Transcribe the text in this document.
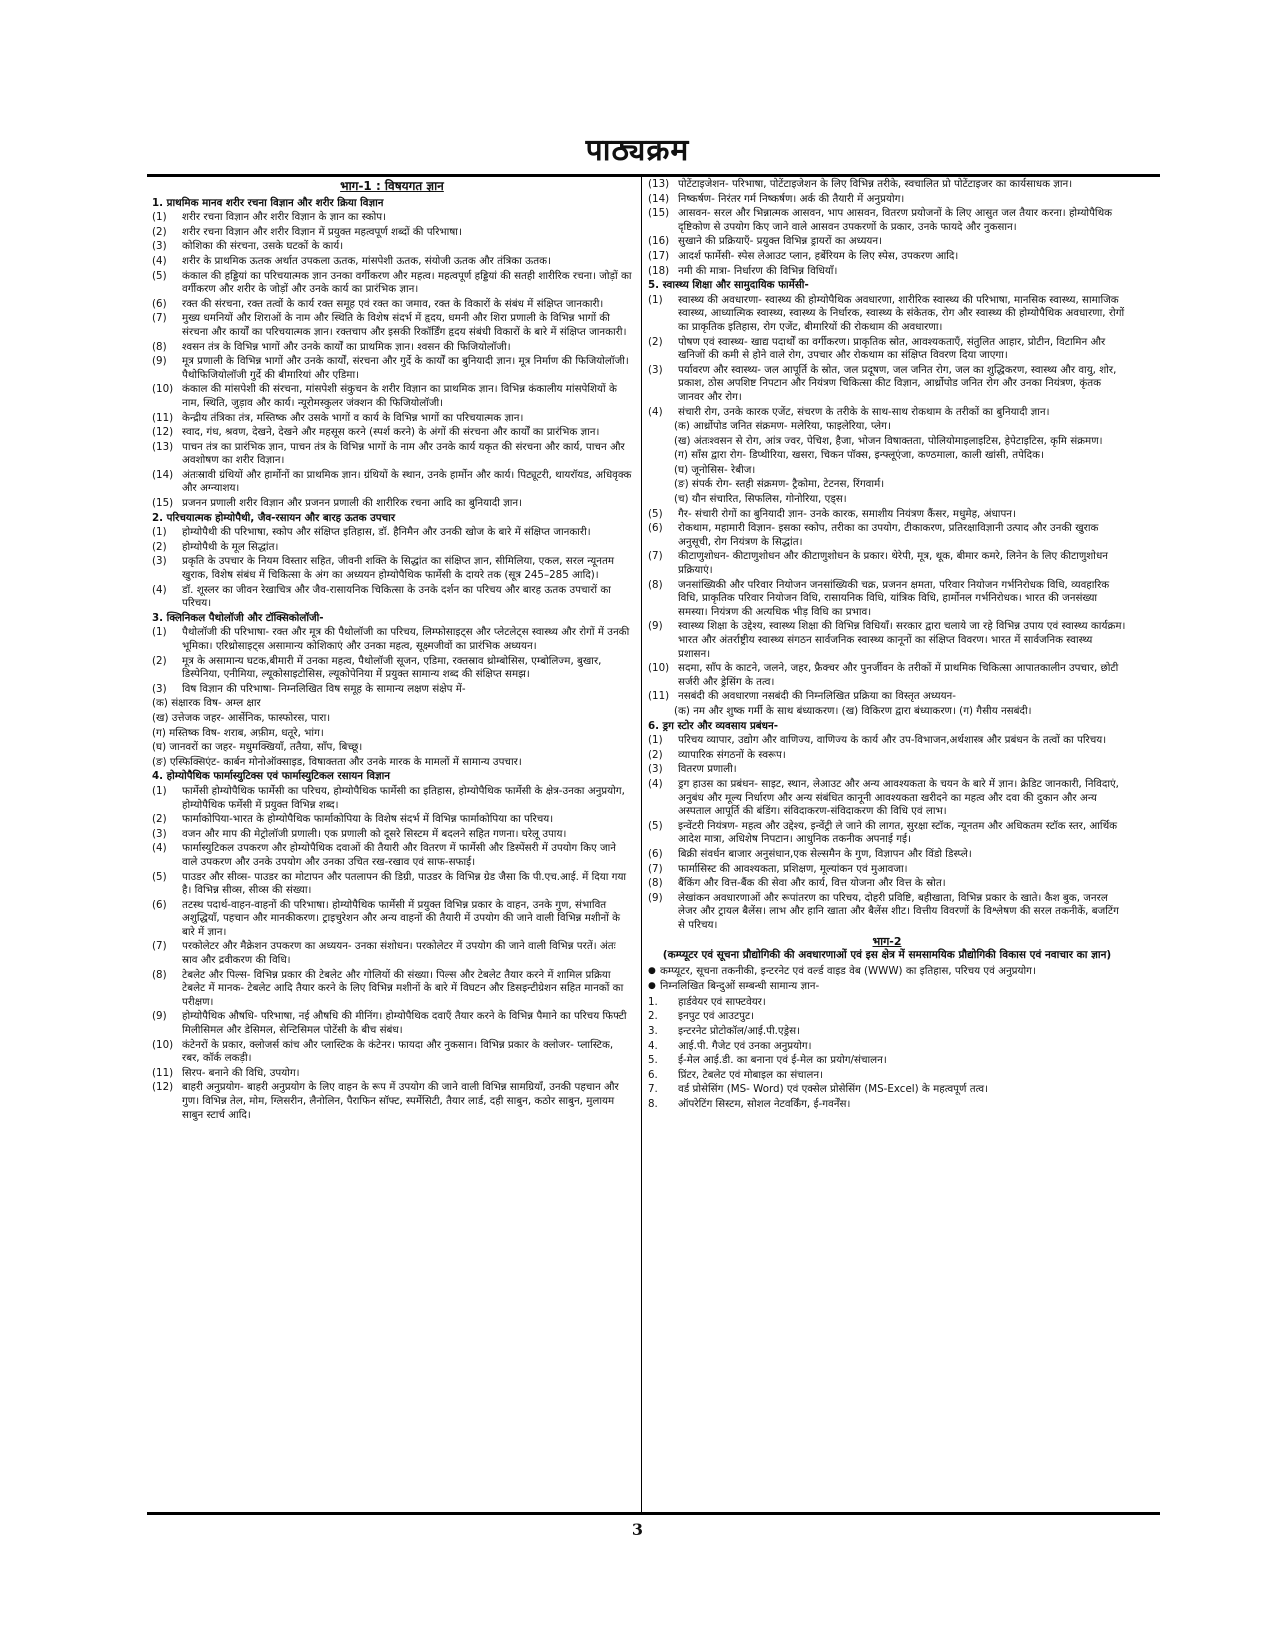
पाठ्यक्रम
भाग-1 : विषयगत ज्ञान
1. प्राथमिक मानव शरीर रचना विज्ञान और शरीर क्रिया विज्ञान
(1)	शरीर रचना विज्ञान और शरीर विज्ञान के ज्ञान का स्कोप।
(2)	शरीर रचना विज्ञान और शरीर विज्ञान में प्रयुक्त महत्वपूर्ण शब्दों की परिभाषा।
(3)	कोशिका की संरचना, उसके घटकों के कार्य।
(4)	शरीर के प्राथमिक ऊतक अर्थात उपकला ऊतक, मांसपेशी ऊतक, संयोजी ऊतक और तंत्रिका ऊतक।
(5)	कंकाल की हड्डियां का परिचयात्मक ज्ञान उनका वर्गीकरण और महत्व। महत्वपूर्ण हड्डियां की सतही शारीरिक रचना। जोड़ों का वर्गीकरण और शरीर के जोड़ों और उनके कार्य का प्रारंभिक ज्ञान।
(6)	रक्त की संरचना, रक्त तत्वों के कार्य रक्त समूह एवं रक्त का जमाव, रक्त के विकारों के संबंध में संक्षिप्त जानकारी।
(7)	मुख्य धमनियों और शिराओं के नाम और स्थिति के विशेष संदर्भ में हृदय, धमनी और शिरा प्रणाली के विभिन्न भागों की संरचना और कार्यों का परिचयात्मक ज्ञान। रक्तचाप और इसकी रिकॉर्डिंग हृदय संबंधी विकारों के बारे में संक्षिप्त जानकारी।
(8)	श्वसन तंत्र के विभिन्न भागों और उनके कार्यों का प्राथमिक ज्ञान। श्वसन की फिजियोलॉजी।
(9)	मूत्र प्रणाली के विभिन्न भागों और उनके कार्यों, संरचना और गुर्दे के कार्यों का बुनियादी ज्ञान। मूत्र निर्माण की फिजियोलॉजी। पैथोफिजियोलॉजी गुर्दे की बीमारियां और एडिमा।
(10) कंकाल की मांसपेशी की संरचना, मांसपेशी संकुचन के शरीर विज्ञान का प्राथमिक ज्ञान। विभिन्न कंकालीय मांसपेशियों के नाम, स्थिति, जुड़ाव और कार्य। न्यूरोमस्कुलर जंक्शन की फिजियोलॉजी।
(11) केन्द्रीय तंत्रिका तंत्र, मस्तिष्क और उसके भागों व कार्य के विभिन्न भागों का परिचयात्मक ज्ञान।
(12) स्वाद, गंध, श्रवण, देखने, देखने और महसूस करने (स्पर्श करने) के अंगों की संरचना और कार्यों का प्रारंभिक ज्ञान।
(13) पाचन तंत्र का प्रारंभिक ज्ञान, पाचन तंत्र के विभिन्न भागों के नाम और उनके कार्य यकृत की संरचना और कार्य, पाचन और अवशोषण का शरीर विज्ञान।
(14) अंतःस्रावी ग्रंथियों और हार्मोनों का प्राथमिक ज्ञान। ग्रंथियों के स्थान, उनके हार्मोन और कार्य। पिट्यूटरी, थायरॉयड, अधिवृक्क और अग्न्याशय।
(15) प्रजनन प्रणाली शरीर विज्ञान और प्रजनन प्रणाली की शारीरिक रचना आदि का बुनियादी ज्ञान।
2. परिचयात्मक होम्योपैथी, जैव-रसायन और बारह ऊतक उपचार
(1)	होम्योपैथी की परिभाषा, स्कोप और संक्षिप्त इतिहास, डॉ. हैनिमैन और उनकी खोज के बारे में संक्षिप्त जानकारी।
(2)	होम्योपैथी के मूल सिद्धांत।
(3)	प्रकृति के उपचार के नियम विस्तार सहित, जीवनी शक्ति के सिद्धांत का संक्षिप्त ज्ञान, सीमिलिया, एकल, सरल न्यूनतम खुराक, विशेष संबंध में चिकित्सा के अंग का अध्ययन होम्योपैथिक फार्मेसी के दायरे तक (सूत्र 245–285 आदि)।
(4)	डॉ. शूस्लर का जीवन रेखाचित्र और जैव-रासायनिक चिकित्सा के उनके दर्शन का परिचय और बारह ऊतक उपचारों का परिचय।
3. क्लिनिकल पैथोलॉजी और टॉक्सिकोलॉजी-
(1)	पैथोलॉजी की परिभाषा- रक्त और मूत्र की पैथोलॉजी का परिचय, लिम्फोसाइट्स और प्लेटलेट्स स्वास्थ्य और रोगों में उनकी भूमिका। एरिथ्रोसाइट्स असामान्य कोशिकाएं और उनका महत्व, सूक्ष्मजीवों का प्रारंभिक अध्ययन।
(2)	मूत्र के असामान्य घटक,बीमारी में उनका महत्व, पैथोलॉजी सूजन, एडिमा, रक्तस्राव थ्रोम्बोसिस, एम्बोलिज्म, बुखार, डिस्पेनिया, एनीमिया, ल्यूकोसाइटोसिस, ल्यूकोपेनिया में प्रयुक्त सामान्य शब्द की संक्षिप्त समझ।
(3)	विष विज्ञान की परिभाषा- निम्नलिखित विष समूह के सामान्य लक्षण संक्षेप में-
(क) संक्षारक विष- अम्ल क्षार
(ख) उत्तेजक जहर- आर्सेनिक, फास्फोरस, पारा।
(ग) मस्तिष्क विष- शराब, अफ़ीम, धतूरे, भांग।
(घ) जानवरों का जहर- मधुमक्खियाँ, ततैया, साँप, बिच्छू।
(ङ) एस्फिक्सिएंट- कार्बन मोनोऑक्साइड, विषाक्तता और उनके मारक के मामलों में सामान्य उपचार।
4. होम्योपैथिक फार्मास्युटिक्स एवं फार्मास्युटिकल रसायन विज्ञान
(1)	फार्मेसी होम्योपैथिक फार्मेसी का परिचय, होम्योपैथिक फार्मेसी का इतिहास, होम्योपैथिक फार्मेसी के क्षेत्र-उनका अनुप्रयोग, होम्योपैथिक फर्मेसी में प्रयुक्त विभिन्न शब्द।
(2)	फार्माकोपिया-भारत के होम्योपैथिक फार्माकोपिया के विशेष संदर्भ में विभिन्न फार्माकोपिया का परिचय।
(3)	वजन और माप की मेट्रोलॉजी प्रणाली। एक प्रणाली को दूसरे सिस्टम में बदलने सहित गणना। घरेलू उपाय।
(4)	फार्मास्युटिकल उपकरण और होम्योपैथिक दवाओं की तैयारी और वितरण में फार्मेसी और डिस्पेंसरी में उपयोग किए जाने वाले उपकरण और उनके उपयोग और उनका उचित रख-रखाव एवं साफ-सफाई।
(5)	पाउडर और सीव्स- पाउडर का मोटापन और पतलापन की डिग्री, पाउडर के विभिन्न ग्रेड जैसा कि पी.एच.आई. में दिया गया है। विभिन्न सीव्स, सीव्स की संख्या।
(6)	तटस्थ पदार्थ-वाहन-वाहनों की परिभाषा। होम्योपैथिक फार्मेसी में प्रयुक्त विभिन्न प्रकार के वाहन, उनके गुण, संभावित अशुद्धियाँ, पहचान और मानकीकरण। ट्राइचुरेशन और अन्य वाहनों की तैयारी में उपयोग की जाने वाली विभिन्न मशीनों के बारे में ज्ञान।
(7)	परकोलेटर और मैक्रेशन उपकरण का अध्ययन- उनका संशोधन। परकोलेटर में उपयोग की जाने वाली विभिन्न परतें। अंतः स्राव और द्रवीकरण की विधि।
(8)	टेबलेट और पिल्स- विभिन्न प्रकार की टेबलेट और गोलियों की संख्या। पिल्स और टेबलेट तैयार करने में शामिल प्रक्रिया टेबलेट में मानक- टेबलेट आदि तैयार करने के लिए विभिन्न मशीनों के बारे में विघटन और डिसइन्टीग्रेशन सहित मानकों का परीक्षण।
(9)	होम्योपैथिक औषधि- परिभाषा, नई औषधि की मीनिंग। होम्योपैथिक दवाएँ तैयार करने के विभिन्न पैमाने का परिचय फिफ्टी मिलीसिमल और डेसिमल, सेन्टिसिमल पोटेंसी के बीच संबंध।
(10) कंटेनरों के प्रकार, क्लोजर्स कांच और प्लास्टिक के कंटेनर। फायदा और नुकसान। विभिन्न प्रकार के क्लोजर- प्लास्टिक, रबर, कॉर्क लकड़ी।
(11) सिरप- बनाने की विधि, उपयोग।
(12) बाहरी अनुप्रयोग- बाहरी अनुप्रयोग के लिए वाहन के रूप में उपयोग की जाने वाली विभिन्न सामग्रियाँ, उनकी पहचान और गुण। विभिन्न तेल, मोम, ग्लिसरीन, लैनोलिन, पैराफिन सॉफ्ट, स्पर्मेसिटी, तैयार लार्ड, दही साबुन, कठोर साबुन, मुलायम साबुन स्टार्च आदि।
(13) पोटेंटाइजेशन- परिभाषा, पोटेंटाइजेशन के लिए विभिन्न तरीके, स्वचालित प्रो पोटेंटाइजर का कार्यसाधक ज्ञान।
(14) निष्कर्षण- निरंतर गर्म निष्कर्षण। अर्क की तैयारी में अनुप्रयोग।
(15) आसवन- सरल और भिन्नात्मक आसवन, भाप आसवन, वितरण प्रयोजनों के लिए आसुत जल तैयार करना। होम्योपैथिक दृष्टिकोण से उपयोग किए जाने वाले आसवन उपकरणों के प्रकार, उनके फायदे और नुकसान।
(16) सुखाने की प्रक्रियाएँ- प्रयुक्त विभिन्न ड्रायरों का अध्ययन।
(17) आदर्श फार्मेसी- स्पेस लेआउट प्लान, हर्बेरियम के लिए स्पेस, उपकरण आदि।
(18) नमी की मात्रा- निर्धारण की विभिन्न विधियाँ।
5. स्वास्थ्य शिक्षा और सामुदायिक फार्मेसी-
(1)	स्वास्थ्य की अवधारणा- स्वास्थ्य की होम्योपैथिक अवधारणा, शारीरिक स्वास्थ्य की परिभाषा, मानसिक स्वास्थ्य, सामाजिक स्वास्थ्य, आध्यात्मिक स्वास्थ्य, स्वास्थ्य के निर्धारक, स्वास्थ्य के संकेतक, रोग और स्वास्थ्य की होम्योपैथिक अवधारणा, रोगों का प्राकृतिक इतिहास, रोग एजेंट, बीमारियों की रोकथाम की अवधारणा।
(2)	पोषण एवं स्वास्थ्य- खाद्य पदार्थों का वर्गीकरण। प्राकृतिक स्रोत, आवश्यकताएँ, संतुलित आहार, प्रोटीन, विटामिन और खनिजों की कमी से होने वाले रोग, उपचार और रोकथाम का संक्षिप्त विवरण दिया जाएगा।
(3)	पर्यावरण और स्वास्थ्य- जल आपूर्ति के स्रोत, जल प्रदूषण, जल जनित रोग, जल का शुद्धिकरण, स्वास्थ्य और वायु, शोर, प्रकाश, ठोस अपशिष्ट निपटान और नियंत्रण चिकित्सा कीट विज्ञान, आर्थ्रोपोड जनित रोग और उनका नियंत्रण, कृंतक जानवर और रोग।
(4)	संचारी रोग, उनके कारक एजेंट, संचरण के तरीके के साथ-साथ रोकथाम के तरीकों का बुनियादी ज्ञान।
(क) आर्थ्रोपोड जनित संक्रमण- मलेरिया, फाइलेरिया, प्लेग।
(ख) अंतःश्वसन से रोग, आंत्र ज्वर, पेचिश, हैजा, भोजन विषाक्तता, पोलियोमाइलाइटिस, हेपेटाइटिस, कृमि संक्रमण।
(ग) साँस द्वारा रोग- डिप्थीरिया, खसरा, चिकन पॉक्स, इन्फ्लूएंजा, कण्ठमाला, काली खांसी, तपेदिक।
(घ) जूनोसिस- रेबीज।
(ङ) संपर्क रोग- स्तही संक्रमण- ट्रैकोमा, टेटनस, रिंगवार्म।
(च) यौन संचारित, सिफलिस, गोनोरिया, एड्स।
(5)	गैर- संचारी रोगों का बुनियादी ज्ञान- उनके कारक, समाशीय नियंत्रण कैंसर, मधुमेह, अंधापन।
(6)	रोकथाम, महामारी विज्ञान- इसका स्कोप, तरीका का उपयोग, टीकाकरण, प्रतिरक्षाविज्ञानी उत्पाद और उनकी खुराक अनुसूची, रोग नियंत्रण के सिद्धांत।
(7)	कीटाणुशोधन- कीटाणुशोधन और कीटाणुशोधन के प्रकार। थेरेपी, मूत्र, थूक, बीमार कमरे, लिनेन के लिए कीटाणुशोधन प्रक्रियाएं।
(8)	जनसांख्यिकी और परिवार नियोजन जनसांख्यिकी चक्र, प्रजनन क्षमता, परिवार नियोजन गर्भनिरोधक विधि, व्यवहारिक विधि, प्राकृतिक परिवार नियोजन विधि, रासायनिक विधि, यांत्रिक विधि, हार्मोनल गर्भनिरोधक। भारत की जनसंख्या समस्या। नियंत्रण की अत्यधिक भीड़ विधि का प्रभाव।
(9)	स्वास्थ्य शिक्षा के उद्देश्य, स्वास्थ्य शिक्षा की विभिन्न विधियाँ। सरकार द्वारा चलाये जा रहे विभिन्न उपाय एवं स्वास्थ्य कार्यक्रम। भारत और अंतर्राष्ट्रीय स्वास्थ्य संगठन सार्वजनिक स्वास्थ्य कानूनों का संक्षिप्त विवरण। भारत में सार्वजनिक स्वास्थ्य प्रशासन।
(10) सदमा, साँप के काटने, जलने, जहर, फ्रैक्चर और पुनर्जीवन के तरीकों में प्राथमिक चिकित्सा आपातकालीन उपचार, छोटी सर्जरी और ड्रेसिंग के तत्व।
(11) नसबंदी की अवधारणा नसबंदी की निम्नलिखित प्रक्रिया का विस्तृत अध्ययन-
(क) नम और शुष्क गर्मी के साथ बंध्याकरण। (ख) विकिरण द्वारा बंध्याकरण। (ग) गैसीय नसबंदी।
6. ड्रग स्टोर और व्यवसाय प्रबंधन-
(1)	परिचय व्यापार, उद्योग और वाणिज्य, वाणिज्य के कार्य और उप-विभाजन,अर्थशास्त्र और प्रबंधन के तत्वों का परिचय।
(2)	व्यापारिक संगठनों के स्वरूप।
(3)	वितरण प्रणाली।
(4)	ड्रग हाउस का प्रबंधन- साइट, स्थान, लेआउट और अन्य आवश्यकता के चयन के बारे में ज्ञान। क्रेडिट जानकारी, निविदाएं, अनुबंध और मूल्य निर्धारण और अन्य संबंधित कानूनी आवश्यकता खरीदने का महत्व और दवा की दुकान और अन्य अस्पताल आपूर्ति की बंडिंग। संविदाकरण-संविदाकरण की विधि एवं लाभ।
(5)	इन्वेंटरी नियंत्रण- महत्व और उद्देश्य, इन्वेंट्री ले जाने की लागत, सुरक्षा स्टॉक, न्यूनतम और अधिकतम स्टॉक स्तर, आर्थिक आदेश मात्रा, अधिशेष निपटान। आधुनिक तकनीक अपनाई गई।
(6)	बिक्री संवर्धन बाजार अनुसंधान,एक सेल्समैन के गुण, विज्ञापन और विंडो डिस्प्ले।
(7)	फार्मासिस्ट की आवश्यकता, प्रशिक्षण, मूल्यांकन एवं मुआवजा।
(8)	बैंकिंग और वित्त-बैंक की सेवा और कार्य, वित्त योजना और वित्त के स्रोत।
(9)	लेखांकन अवधारणाओं और रूपांतरण का परिचय, दोहरी प्रविष्टि, बहीखाता, विभिन्न प्रकार के खाते। कैश बुक, जनरल लेजर और ट्रायल बैलेंस। लाभ और हानि खाता और बैलेंस शीट। वित्तीय विवरणों के विश्लेषण की सरल तकनीकें, बजटिंग से परिचय।
भाग-2
(कम्प्यूटर एवं सूचना प्रौद्योगिकी की अवधारणाओं एवं इस क्षेत्र में समसामयिक प्रौद्योगिकी विकास एवं नवाचार का ज्ञान)
● कम्प्यूटर, सूचना तकनीकी, इन्टरनेट एवं वर्ल्ड वाइड वेब (WWW) का इतिहास, परिचय एवं अनुप्रयोग।
● निम्नलिखित बिन्दुओं सम्बन्धी सामान्य ज्ञान-
1.	हार्डवेयर एवं साफ्टवेयर।
2.	इनपुट एवं आउटपुट।
3.	इन्टरनेट प्रोटोकॉल/आई.पी.एड्रेस।
4.	आई.पी. गैजेट एवं उनका अनुप्रयोग।
5.	ई-मेल आई.डी. का बनाना एवं ई-मेल का प्रयोग/संचालन।
6.	प्रिंटर, टेबलेट एवं मोबाइल का संचालन।
7.	वर्ड प्रोसेसिंग (MS- Word) एवं एक्सेल प्रोसेसिंग (MS-Excel) के महत्वपूर्ण तत्व।
8.	ऑपरेटिंग सिस्टम, सोशल नेटवर्किंग, ई-गवर्नेंस।
3
